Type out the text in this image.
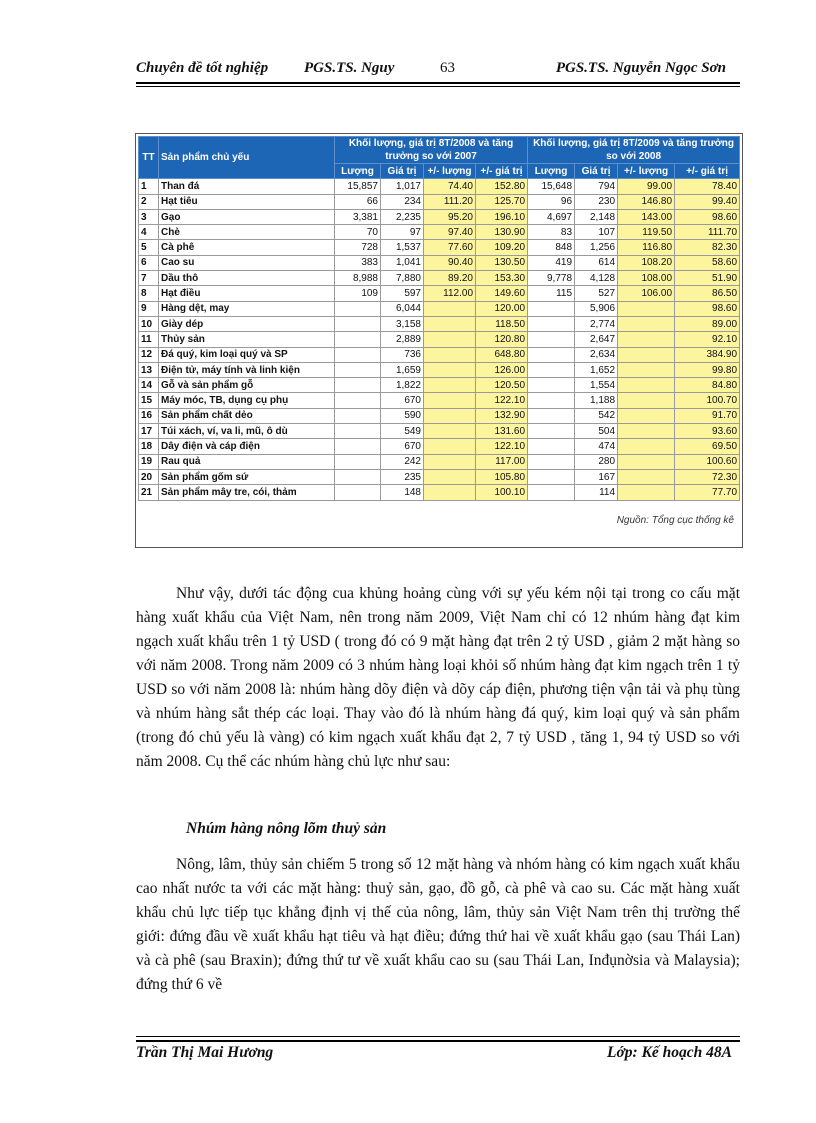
Chuyên đề tốt nghiệp PGS.TS. Nguy	63	PGS.TS. Nguyễn Ngọc Sơn
TT	Sản phẩm chủ yếu	Khối lượng, giá trị 8T/2008 và tăng trưởng so với 2007				Khối lượng, giá trị 8T/2009 và tăng trưởng so với 2008			
		Lượng	Giá trị	+/- lượng	+/- giá trị	Lượng	Giá trị	+/- lượng	+/- giá trị
1	Than đá	15,857	1,017	74.40	152.80	15,648	794	99.00	78.40
2	Hạt tiêu	66	234	111.20	125.70	96	230	146.80	99.40
3	Gạo	3,381	2,235	95.20	196.10	4,697	2,148	143.00	98.60
4	Chè	70	97	97.40	130.90	83	107	119.50	111.70
5	Cà phê	728	1,537	77.60	109.20	848	1,256	116.80	82.30
6	Cao su	383	1,041	90.40	130.50	419	614	108.20	58.60
7	Dầu thô	8,988	7,880	89.20	153.30	9,778	4,128	108.00	51.90
8	Hạt điều	109	597	112.00	149.60	115	527	106.00	86.50
9	Hàng dệt, may		6,044		120.00		5,906		98.60
10	Giày dép		3,158		118.50		2,774		89.00
11	Thủy sản		2,889		120.80		2,647		92.10
12	Đá quý, kim loại quý và SP		736		648.80		2,634		384.90
13	Điện tử, máy tính và linh kiện		1,659		126.00		1,652		99.80
14	Gỗ và sản phẩm gỗ		1,822		120.50		1,554		84.80
15	Máy móc, TB, dụng cụ phụ		670		122.10		1,188		100.70
16	Sản phẩm chất dẻo		590		132.90		542		91.70
17	Túi xách, ví, va li, mũ, ô dù		549		131.60		504		93.60
18	Dây điện và cáp điện		670		122.10		474		69.50
19	Rau quả		242		117.00		280		100.60
20	Sản phẩm gốm sứ		235		105.80		167		72.30
21	Sản phẩm mây tre, cói, thảm		148		100.10		114		77.70
Nguồn: Tổng cục thống kê
Như vậy, dưới tác động cua khủng hoảng cùng với sự yếu kém nội tại trong co cấu mặt hàng xuất khẩu của Việt Nam, nên trong năm 2009, Việt Nam chỉ có 12 nhúm hàng đạt kim ngạch xuất khẩu trên 1 tỷ USD ( trong đó có 9 mặt hàng đạt trên 2 tỷ USD , giảm 2 mặt hàng so với năm 2008. Trong năm 2009 có 3 nhúm hàng loại khỏi số nhúm hàng đạt kim ngạch trên 1 tỷ USD so với năm 2008 là: nhúm hàng dõy điện và dõy cáp điện, phương tiện vận tải và phụ tùng và nhúm hàng sắt thép các loại. Thay vào đó là nhúm hàng đá quý, kim loại quý và sản phẩm (trong đó chủ yếu là vàng) có kim ngạch xuất khẩu đạt 2, 7 tỷ USD , tăng 1, 94 tỷ USD so với năm 2008. Cụ thể các nhúm hàng chủ lực như sau:
Nhúm hàng nông lõm thuỷ sản
Nông, lâm, thủy sản chiếm 5 trong số 12 mặt hàng và nhóm hàng có kim ngạch xuất khẩu cao nhất nước ta với các mặt hàng: thuỷ sản, gạo, đồ gỗ, cà phê và cao su. Các mặt hàng xuất khẩu chủ lực tiếp tục khẳng định vị thế của nông, lâm, thủy sản Việt Nam trên thị trường thế giới: đứng đầu về xuất khẩu hạt tiêu và hạt điều; đứng thứ hai về xuất khẩu gạo (sau Thái Lan) và cà phê (sau Braxin); đứng thứ tư về xuất khẩu cao su (sau Thái Lan, Inđụnờsia và Malaysia); đứng thứ 6 về
Trần Thị Mai Hương	Lớp: Kế hoạch 48A
